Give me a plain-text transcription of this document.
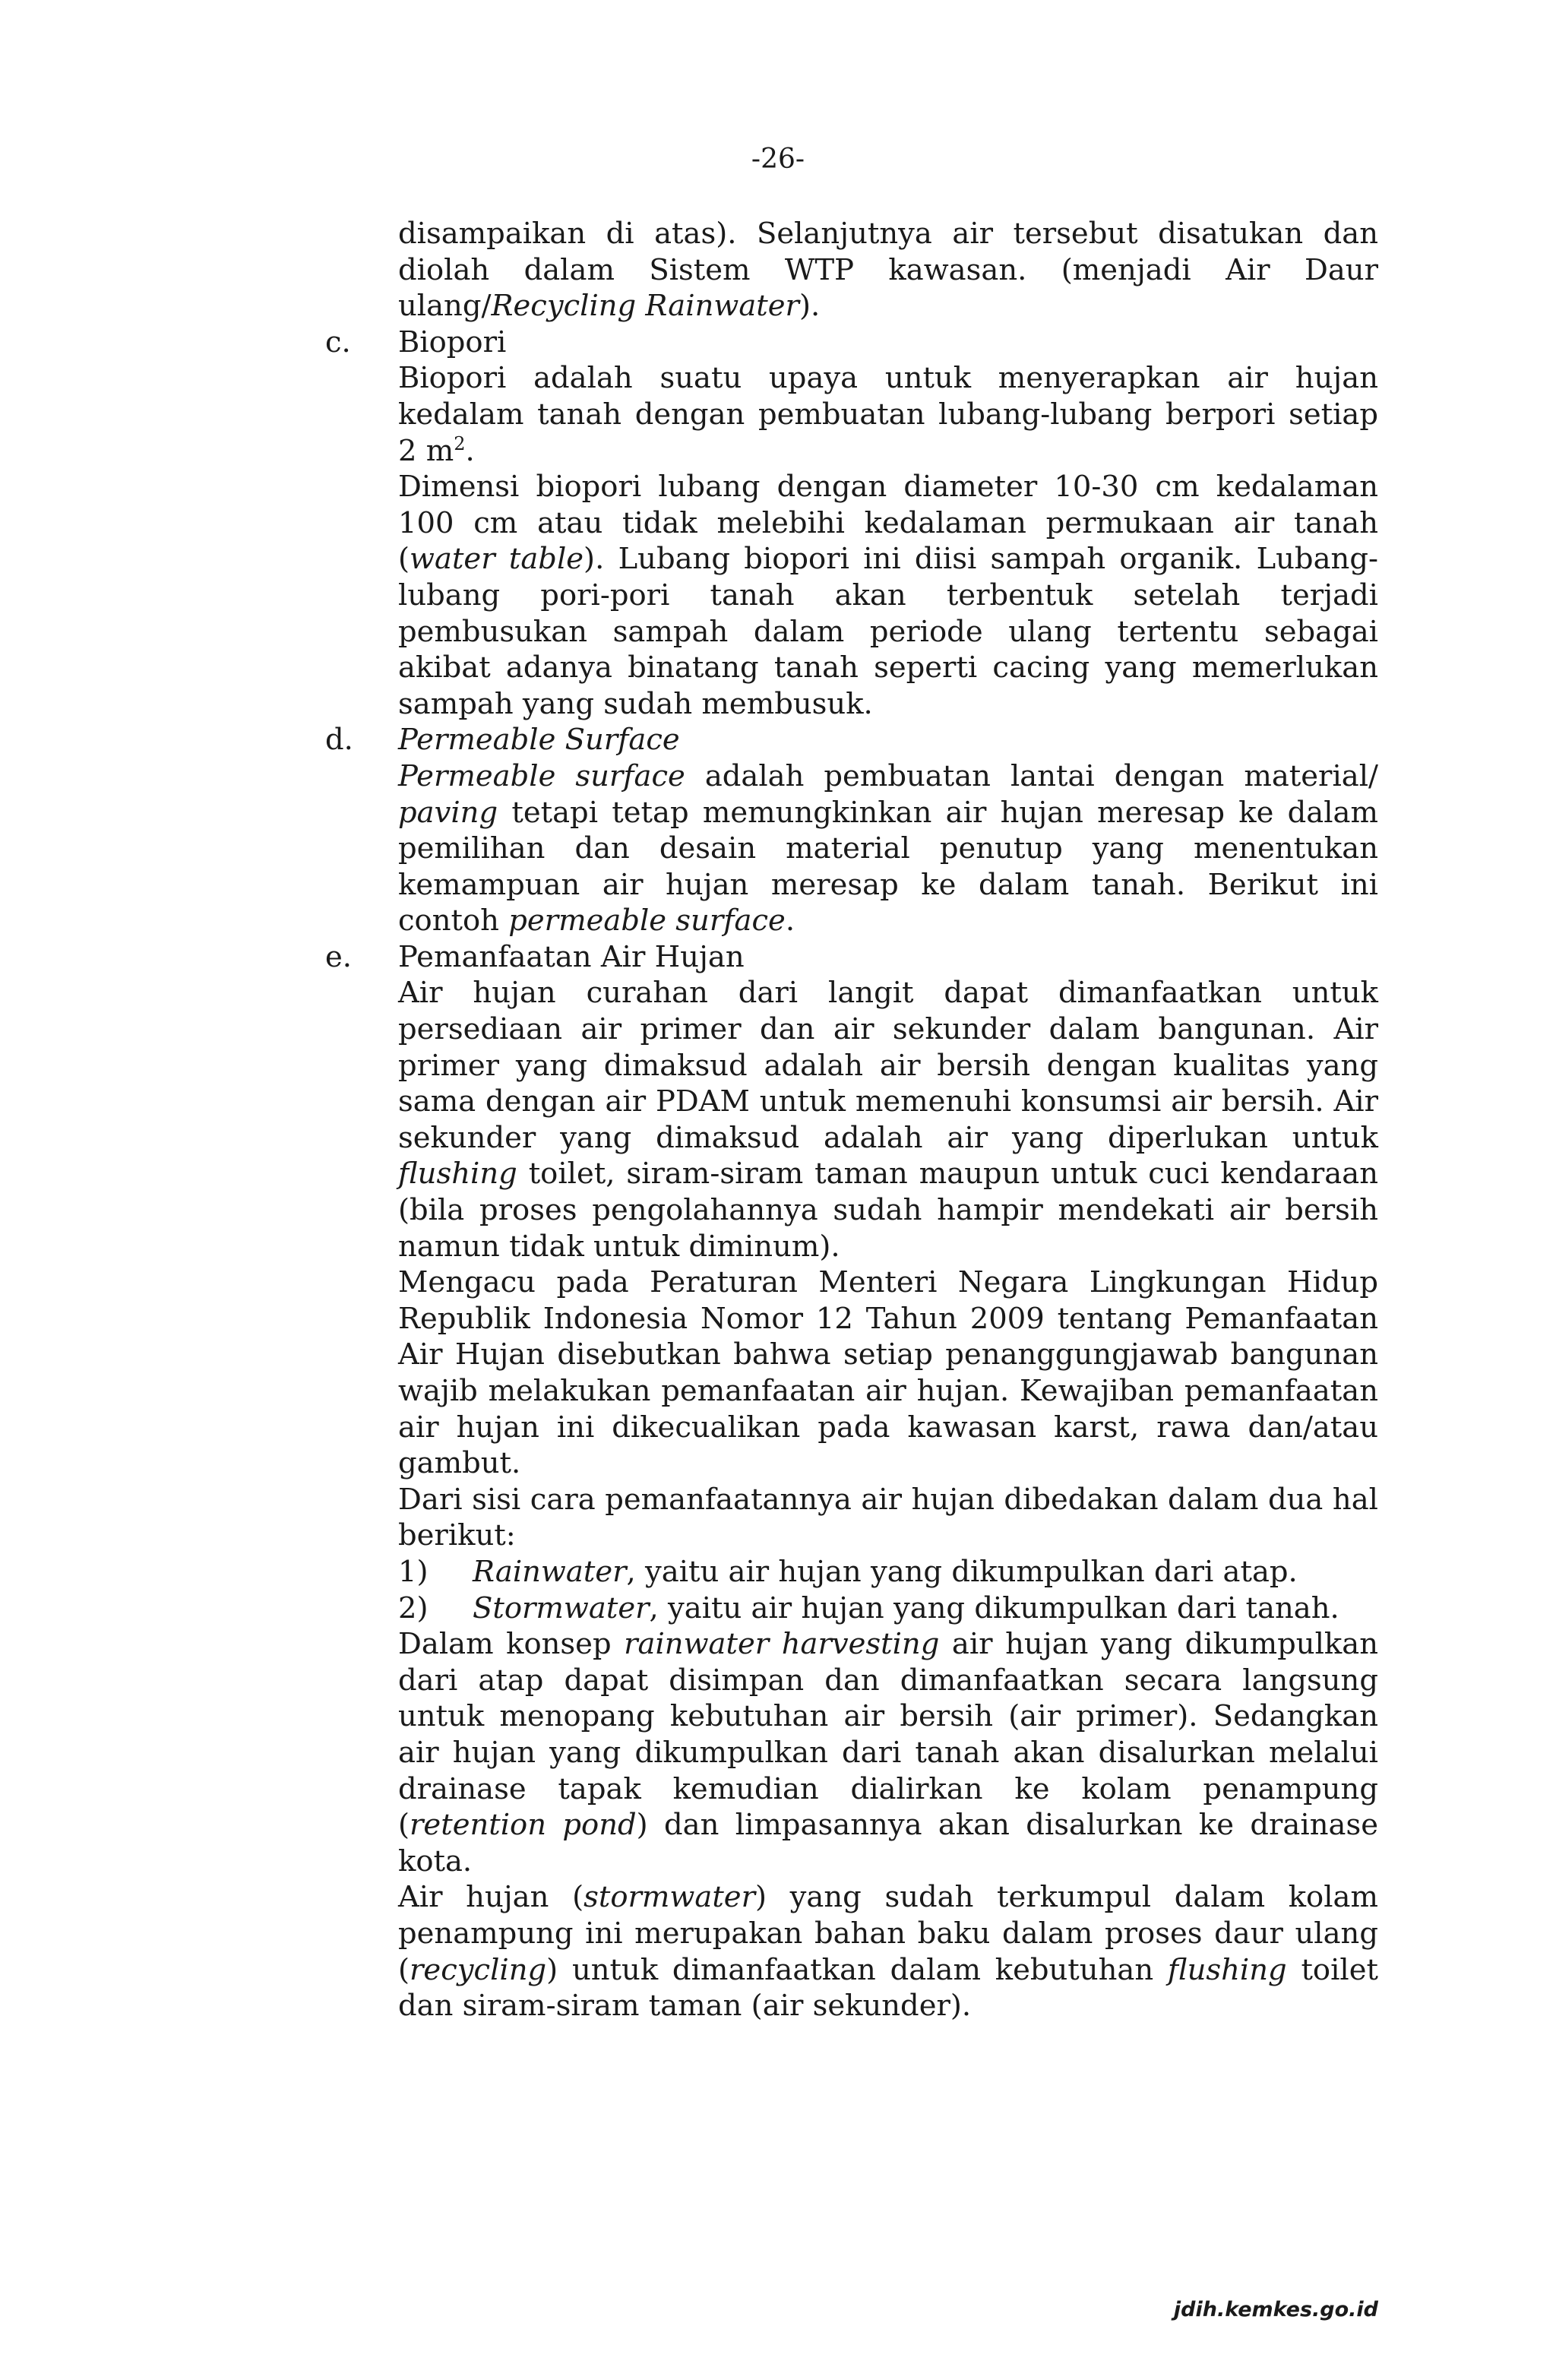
-26-

disampaikan di atas). Selanjutnya air tersebut disatukan dan diolah dalam Sistem WTP kawasan. (menjadi Air Daur ulang/Recycling Rainwater).

c. Biopori

Biopori adalah suatu upaya untuk menyerapkan air hujan kedalam tanah dengan pembuatan lubang-lubang berpori setiap 2 $m^2$.

Dimensi biopori lubang dengan diameter 10-30 cm kedalaman 100 cm atau tidak melebihi kedalaman permukaan air tanah (water table). Lubang biopori ini diisi sampah organik. Lubang-lubang pori-pori tanah akan terbentuk setelah terjadi pembusukan sampah dalam periode ulang tertentu sebagai akibat adanya binatang tanah seperti cacing yang memerlukan sampah yang sudah membusuk.

d. Permeable Surface

Permeable surface adalah pembuatan lantai dengan material/ paving tetapi tetap memungkinkan air hujan meresap ke dalam pemilihan dan desain material penutup yang menentukan kemampuan air hujan meresap ke dalam tanah. Berikut ini contoh permeable surface.

e. Pemanfaatan Air Hujan

Air hujan curahan dari langit dapat dimanfaatkan untuk persediaan air primer dan air sekunder dalam bangunan. Air primer yang dimaksud adalah air bersih dengan kualitas yang sama dengan air PDAM untuk memenuhi konsumsi air bersih. Air sekunder yang dimaksud adalah air yang diperlukan untuk flushing toilet, siram-siram taman maupun untuk cuci kendaraan (bila proses pengolahannya sudah hampir mendekati air bersih namun tidak untuk diminum).

Mengacu pada Peraturan Menteri Negara Lingkungan Hidup Republik Indonesia Nomor 12 Tahun 2009 tentang Pemanfaatan Air Hujan disebutkan bahwa setiap penanggungjawab bangunan wajib melakukan pemanfaatan air hujan. Kewajiban pemanfaatan air hujan ini dikecualikan pada kawasan karst, rawa dan/atau gambut.

Dari sisi cara pemanfaatannya air hujan dibedakan dalam dua hal berikut:

1) Rainwater, yaitu air hujan yang dikumpulkan dari atap.

2) Stormwater, yaitu air hujan yang dikumpulkan dari tanah.

Dalam konsep rainwater harvesting air hujan yang dikumpulkan dari atap dapat disimpan dan dimanfaatkan secara langsung untuk menopang kebutuhan air bersih (air primer). Sedangkan air hujan yang dikumpulkan dari tanah akan disalurkan melalui drainase tapak kemudian dialirkan ke kolam penampung (retention pond) dan limpasannya akan disalurkan ke drainase kota.

Air hujan (stormwater) yang sudah terkumpul dalam kolam penampung ini merupakan bahan baku dalam proses daur ulang (recycling) untuk dimanfaatkan dalam kebutuhan flushing toilet dan siram-siram taman (air sekunder).

jdih.kemkes.go.id
